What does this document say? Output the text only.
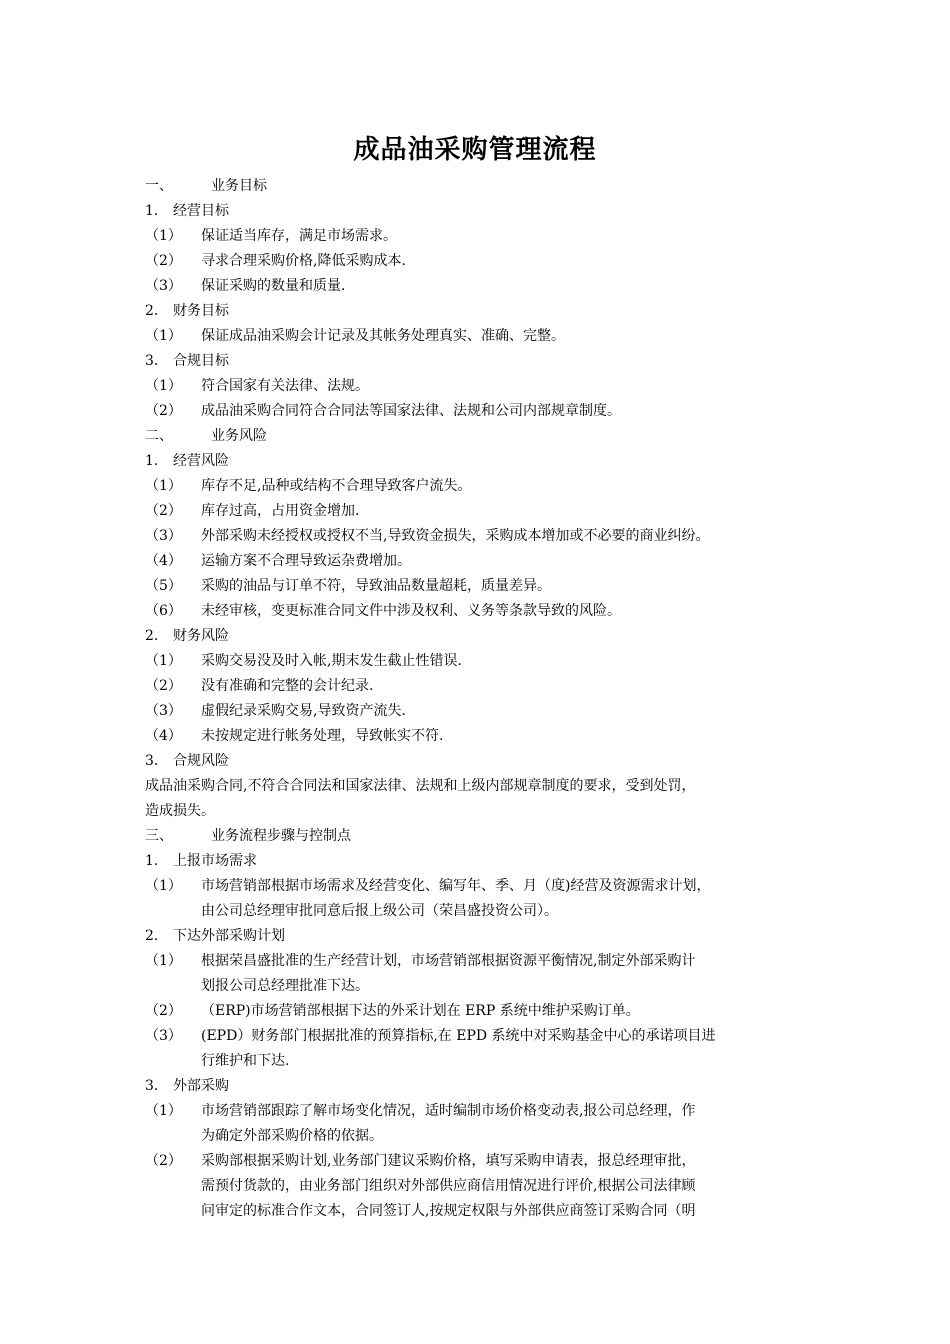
成品油采购管理流程
一、	业务目标
1． 经营目标
（1）	保证适当库存，满足市场需求。
（2）	寻求合理采购价格,降低采购成本.
（3）	保证采购的数量和质量.
2． 财务目标
（1）	保证成品油采购会计记录及其帐务处理真实、准确、完整。
3． 合规目标
（1）	符合国家有关法律、法规。
（2）	成品油采购合同符合合同法等国家法律、法规和公司内部规章制度。
二、	业务风险
1． 经营风险
（1）	库存不足,品种或结构不合理导致客户流失。
（2）	库存过高，占用资金增加.
（3）	外部采购未经授权或授权不当,导致资金损失，采购成本增加或不必要的商业纠纷。
（4）	运输方案不合理导致运杂费增加。
（5）	采购的油品与订单不符，导致油品数量超耗，质量差异。
（6）	未经审核，变更标准合同文件中涉及权利、义务等条款导致的风险。
2． 财务风险
（1）	采购交易没及时入帐,期末发生截止性错误.
（2）	没有准确和完整的会计纪录.
（3）	虚假纪录采购交易,导致资产流失.
（4）	未按规定进行帐务处理，导致帐实不符.
3． 合规风险
成品油采购合同,不符合合同法和国家法律、法规和上级内部规章制度的要求，受到处罚，
造成损失。
三、	业务流程步骤与控制点
1． 上报市场需求
（1）	市场营销部根据市场需求及经营变化、编写年、季、月（度)经营及资源需求计划，
由公司总经理审批同意后报上级公司（荣昌盛投资公司）。
2． 下达外部采购计划
（1）	根据荣昌盛批准的生产经营计划，市场营销部根据资源平衡情况,制定外部采购计
划报公司总经理批准下达。
（2）	（ERP)市场营销部根据下达的外采计划在 ERP 系统中维护采购订单。
（3）	(EPD）财务部门根据批准的预算指标,在 EPD 系统中对采购基金中心的承诺项目进
行维护和下达.
3． 外部采购
（1）	市场营销部跟踪了解市场变化情况，适时编制市场价格变动表,报公司总经理，作
为确定外部采购价格的依据。
（2）	采购部根据采购计划,业务部门建议采购价格，填写采购申请表，报总经理审批，
需预付货款的，由业务部门组织对外部供应商信用情况进行评价,根据公司法律顾
问审定的标准合作文本，合同签订人,按规定权限与外部供应商签订采购合同（明
